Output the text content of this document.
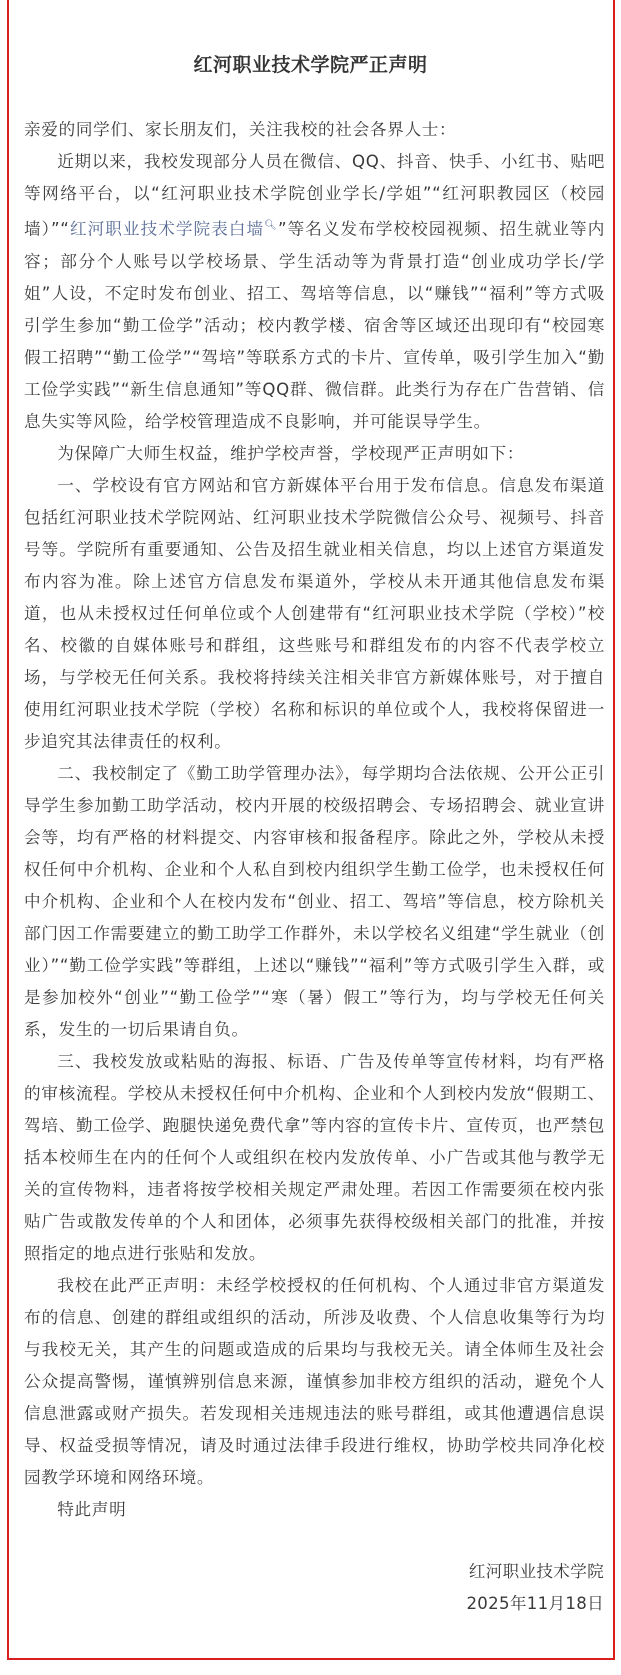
红河职业技术学院严正声明

亲爱的同学们、家长朋友们，关注我校的社会各界人士：

近期以来，我校发现部分人员在微信、QQ、抖音、快手、小红书、贴吧等网络平台，以“红河职业技术学院创业学长/学姐”“红河职教园区（校园墙）”“红河职业技术学院表白墙🔍︎”等名义发布学校校园视频、招生就业等内容；部分个人账号以学校场景、学生活动等为背景打造“创业成功学长/学姐”人设，不定时发布创业、招工、驾培等信息，以“赚钱”“福利”等方式吸引学生参加“勤工俭学”活动；校内教学楼、宿舍等区域还出现印有“校园寒假工招聘”“勤工俭学”“驾培”等联系方式的卡片、宣传单，吸引学生加入“勤工俭学实践”“新生信息通知”等QQ群、微信群。此类行为存在广告营销、信息失实等风险，给学校管理造成不良影响，并可能误导学生。

为保障广大师生权益，维护学校声誉，学校现严正声明如下：

一、学校设有官方网站和官方新媒体平台用于发布信息。信息发布渠道包括红河职业技术学院网站、红河职业技术学院微信公众号、视频号、抖音号等。学院所有重要通知、公告及招生就业相关信息，均以上述官方渠道发布内容为准。除上述官方信息发布渠道外，学校从未开通其他信息发布渠道，也从未授权过任何单位或个人创建带有“红河职业技术学院（学校）”校名、校徽的自媒体账号和群组，这些账号和群组发布的内容不代表学校立场，与学校无任何关系。我校将持续关注相关非官方新媒体账号，对于擅自使用红河职业技术学院（学校）名称和标识的单位或个人，我校将保留进一步追究其法律责任的权利。

二、我校制定了《勤工助学管理办法》，每学期均合法依规、公开公正引导学生参加勤工助学活动，校内开展的校级招聘会、专场招聘会、就业宣讲会等，均有严格的材料提交、内容审核和报备程序。除此之外，学校从未授权任何中介机构、企业和个人私自到校内组织学生勤工俭学，也未授权任何中介机构、企业和个人在校内发布“创业、招工、驾培”等信息，校方除机关部门因工作需要建立的勤工助学工作群外，未以学校名义组建“学生就业（创业）”“勤工俭学实践”等群组，上述以“赚钱”“福利”等方式吸引学生入群，或是参加校外“创业”“勤工俭学”“寒（暑）假工”等行为，均与学校无任何关系，发生的一切后果请自负。

三、我校发放或粘贴的海报、标语、广告及传单等宣传材料，均有严格的审核流程。学校从未授权任何中介机构、企业和个人到校内发放“假期工、驾培、勤工俭学、跑腿快递免费代拿”等内容的宣传卡片、宣传页，也严禁包括本校师生在内的任何个人或组织在校内发放传单、小广告或其他与教学无关的宣传物料，违者将按学校相关规定严肃处理。若因工作需要须在校内张贴广告或散发传单的个人和团体，必须事先获得校级相关部门的批准，并按照指定的地点进行张贴和发放。

我校在此严正声明：未经学校授权的任何机构、个人通过非官方渠道发布的信息、创建的群组或组织的活动，所涉及收费、个人信息收集等行为均与我校无关，其产生的问题或造成的后果均与我校无关。请全体师生及社会公众提高警惕，谨慎辨别信息来源，谨慎参加非校方组织的活动，避免个人信息泄露或财产损失。若发现相关违规违法的账号群组，或其他遭遇信息误导、权益受损等情况，请及时通过法律手段进行维权，协助学校共同净化校园教学环境和网络环境。

特此声明

红河职业技术学院
2025年11月18日
